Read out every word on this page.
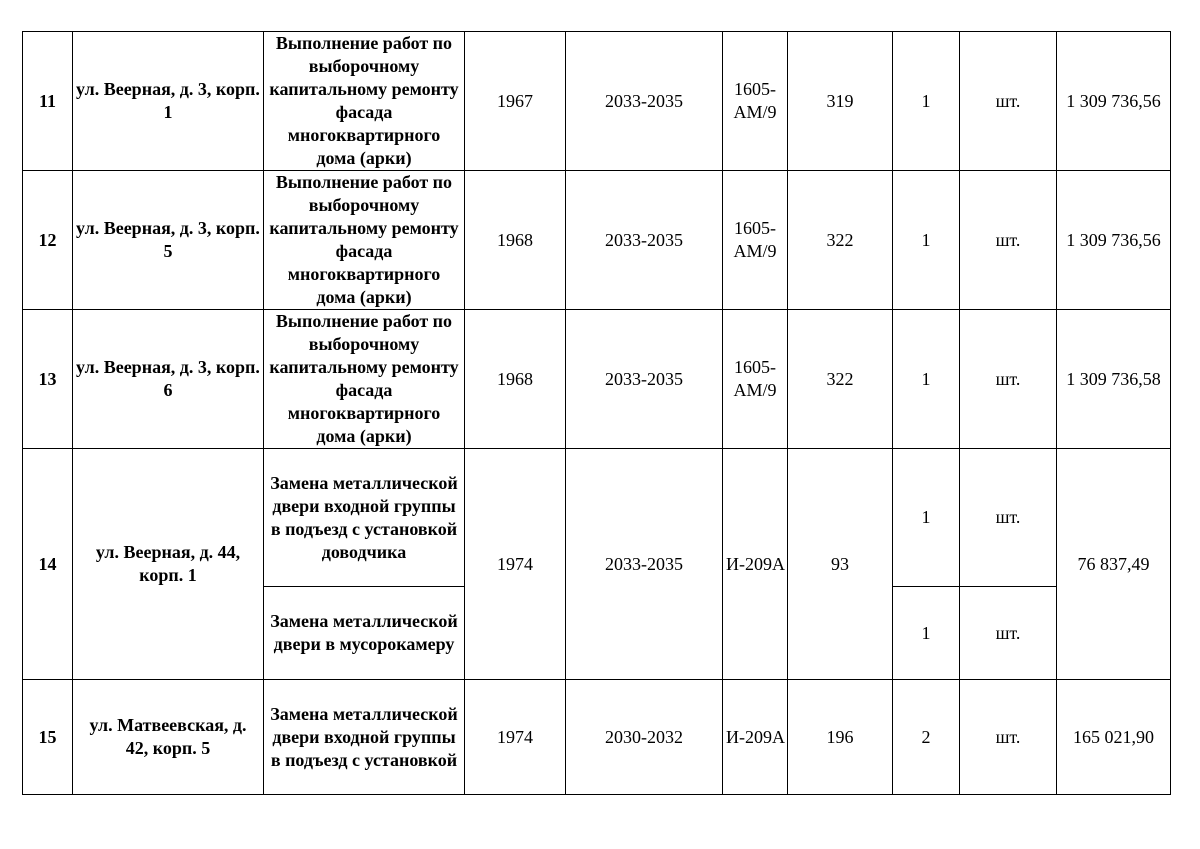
11	ул. Веерная, д. 3, корп. 1	Выполнение работ по выборочному капитальному ремонту фасада многоквартирного дома (арки)	1967	2033-2035	1605-АМ/9	319	1	шт.	1 309 736,56
12	ул. Веерная, д. 3, корп. 5	Выполнение работ по выборочному капитальному ремонту фасада многоквартирного дома (арки)	1968	2033-2035	1605-АМ/9	322	1	шт.	1 309 736,56
13	ул. Веерная, д. 3, корп. 6	Выполнение работ по выборочному капитальному ремонту фасада многоквартирного дома (арки)	1968	2033-2035	1605-АМ/9	322	1	шт.	1 309 736,58
14	ул. Веерная, д. 44, корп. 1	Замена металлической двери входной группы в подъезд с установкой доводчика	1974	2033-2035	И-209А	93	1	шт.	76 837,49
		Замена металлической двери в мусорокамеру					1	шт.	
15	ул. Матвеевская, д. 42, корп. 5	Замена металлической двери входной группы в подъезд с установкой	1974	2030-2032	И-209А	196	2	шт.	165 021,90
